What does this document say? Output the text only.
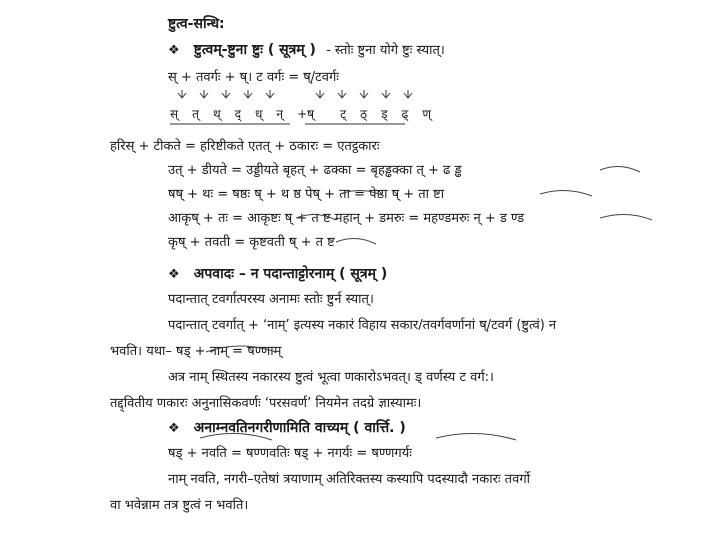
ष्टुत्व-सन्धि:
❖ ष्टुत्वम्-ष्टुना ष्टुः ( सूत्रम् ) - स्तोः ष्टुना योगे ष्टुः स्यात्।
स् + तवर्गः + ष्। ट वर्गः = ष्/टवर्गः
स् त् थ् द् ध् न् +ष् ट् ठ् ड् ढ् ण्
हरिस् + टीकते = हरिष्टीकते एतत् + ठकारः = एतट्ठकारः
उत् + डीयते = उड्डीयते बृहत् + ढक्का = बृहड्ढक्का त् + ढ ड्ढ
षष् + थः = षष्ठः ष् + थ ष्ठ पेष् + ता = पेष्टा ष् + ता ष्टा
आकृष् + तः = आकृष्टः ष् + त ष्ट महान् + डमरुः = महण्डमरुः न् + ड ण्ड
कृष् + तवती = कृष्टवती ष् + त ष्ट
❖ अपवादः – न पदान्ताट्टोरनाम् ( सूत्रम् )
पदान्तात् टवर्गात्परस्य अनामः स्तोः ष्टुर्न स्यात्।
पदान्तात् टवर्गात् + ‘नाम्’ इत्यस्य नकारं विहाय सकार/तवर्गवर्णानां ष्/टवर्ग (ष्टुत्वं) न
भवति। यथा– षड् + नाम् = षण्णाम्
अत्र नाम् स्थितस्य नकारस्य ष्टुत्वं भूत्वा णकारोऽभवत्। ड् वर्णस्य ट वर्ग:।
तद्द्वितीय णकारः अनुनासिकवर्णः ‘परसवर्ण’ नियमेन तदग्रे ज्ञास्यामः।
❖ अनाम्नवतिनगरीणामिति वाच्यम् ( वार्त्ति. )
षड् + नवति = षण्णवतिः षड् + नगर्यः = षण्णगर्यः
नाम् नवति, नगरी–एतेषां त्रयाणाम् अतिरिक्तस्य कस्यापि पदस्यादौ नकारः तवर्गो
वा भवेन्नाम तत्र ष्टुत्वं न भवति।
